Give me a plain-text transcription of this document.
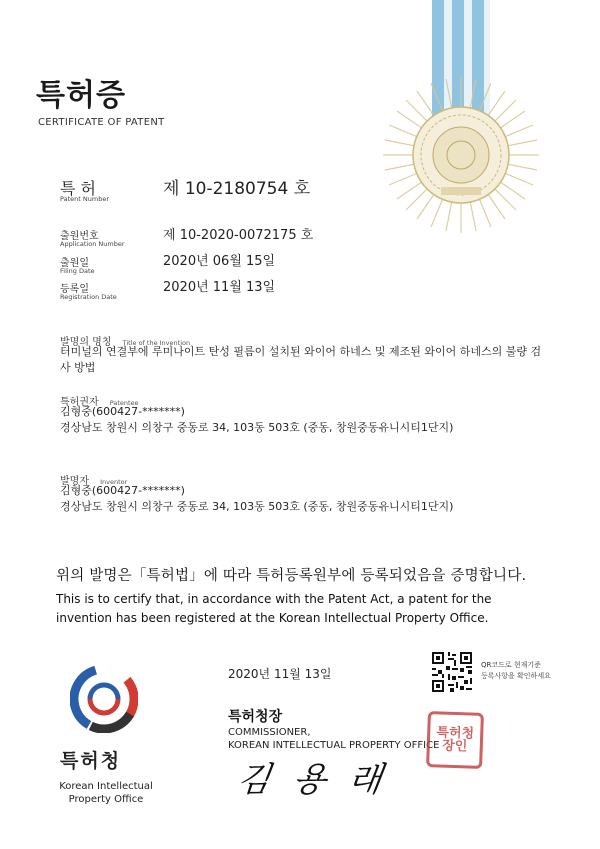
특허증
CERTIFICATE OF PATENT
특 허
Patent Number	제 10-2180754 호
출원번호
Application Number
제 10-2020-0072175 호
출원일
Filing Date
2020년 06월 15일
등록일
Registration Date
2020년 11월 13일
발명의 명칭 Title of the Invention
터미널의 연결부에 루미나이트 탄성 필름이 설치된 와이어 하네스 및 제조된 와이어 하네스의 불량 검
사 방법
특허권자 Patentee
김형중(600427-*******)
경상남도 창원시 의창구 중동로 34, 103동 503호 (중동, 창원중동유니시티1단지)
발명자 Inventor
김형중(600427-*******)
경상남도 창원시 의창구 중동로 34, 103동 503호 (중동, 창원중동유니시티1단지)
위의 발명은「특허법」에 따라 특허등록원부에 등록되었음을 증명합니다.
This is to certify that, in accordance with the Patent Act, a patent for the
invention has been registered at the Korean Intellectual Property Office.
2020년 11월 13일
QR코드로 현재기준
등록사항을 확인하세요
특허청장
COMMISSIONER,
KOREAN INTELLECTUAL PROPERTY OFFICE
김 용 래
특허청장인
특허청
Korean Intellectual
Property Office
